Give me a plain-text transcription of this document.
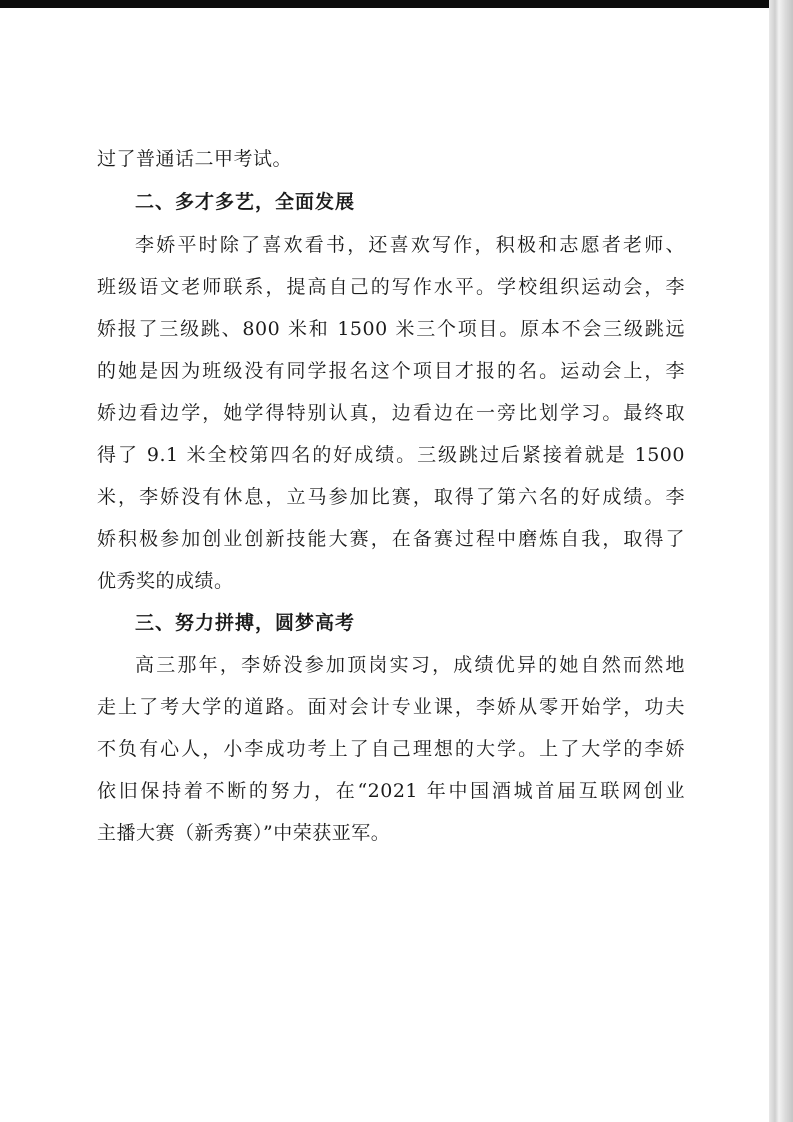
过了普通话二甲考试。
二、多才多艺，全面发展
李娇平时除了喜欢看书，还喜欢写作，积极和志愿者老师、
班级语文老师联系，提高自己的写作水平。学校组织运动会，李
娇报了三级跳、800 米和 1500 米三个项目。原本不会三级跳远
的她是因为班级没有同学报名这个项目才报的名。运动会上，李
娇边看边学，她学得特别认真，边看边在一旁比划学习。最终取
得了 9.1 米全校第四名的好成绩。三级跳过后紧接着就是 1500
米，李娇没有休息，立马参加比赛，取得了第六名的好成绩。李
娇积极参加创业创新技能大赛，在备赛过程中磨炼自我，取得了
优秀奖的成绩。
三、努力拼搏，圆梦高考
高三那年，李娇没参加顶岗实习，成绩优异的她自然而然地
走上了考大学的道路。面对会计专业课，李娇从零开始学，功夫
不负有心人，小李成功考上了自己理想的大学。上了大学的李娇
依旧保持着不断的努力，在“2021 年中国酒城首届互联网创业
主播大赛（新秀赛）”中荣获亚军。
